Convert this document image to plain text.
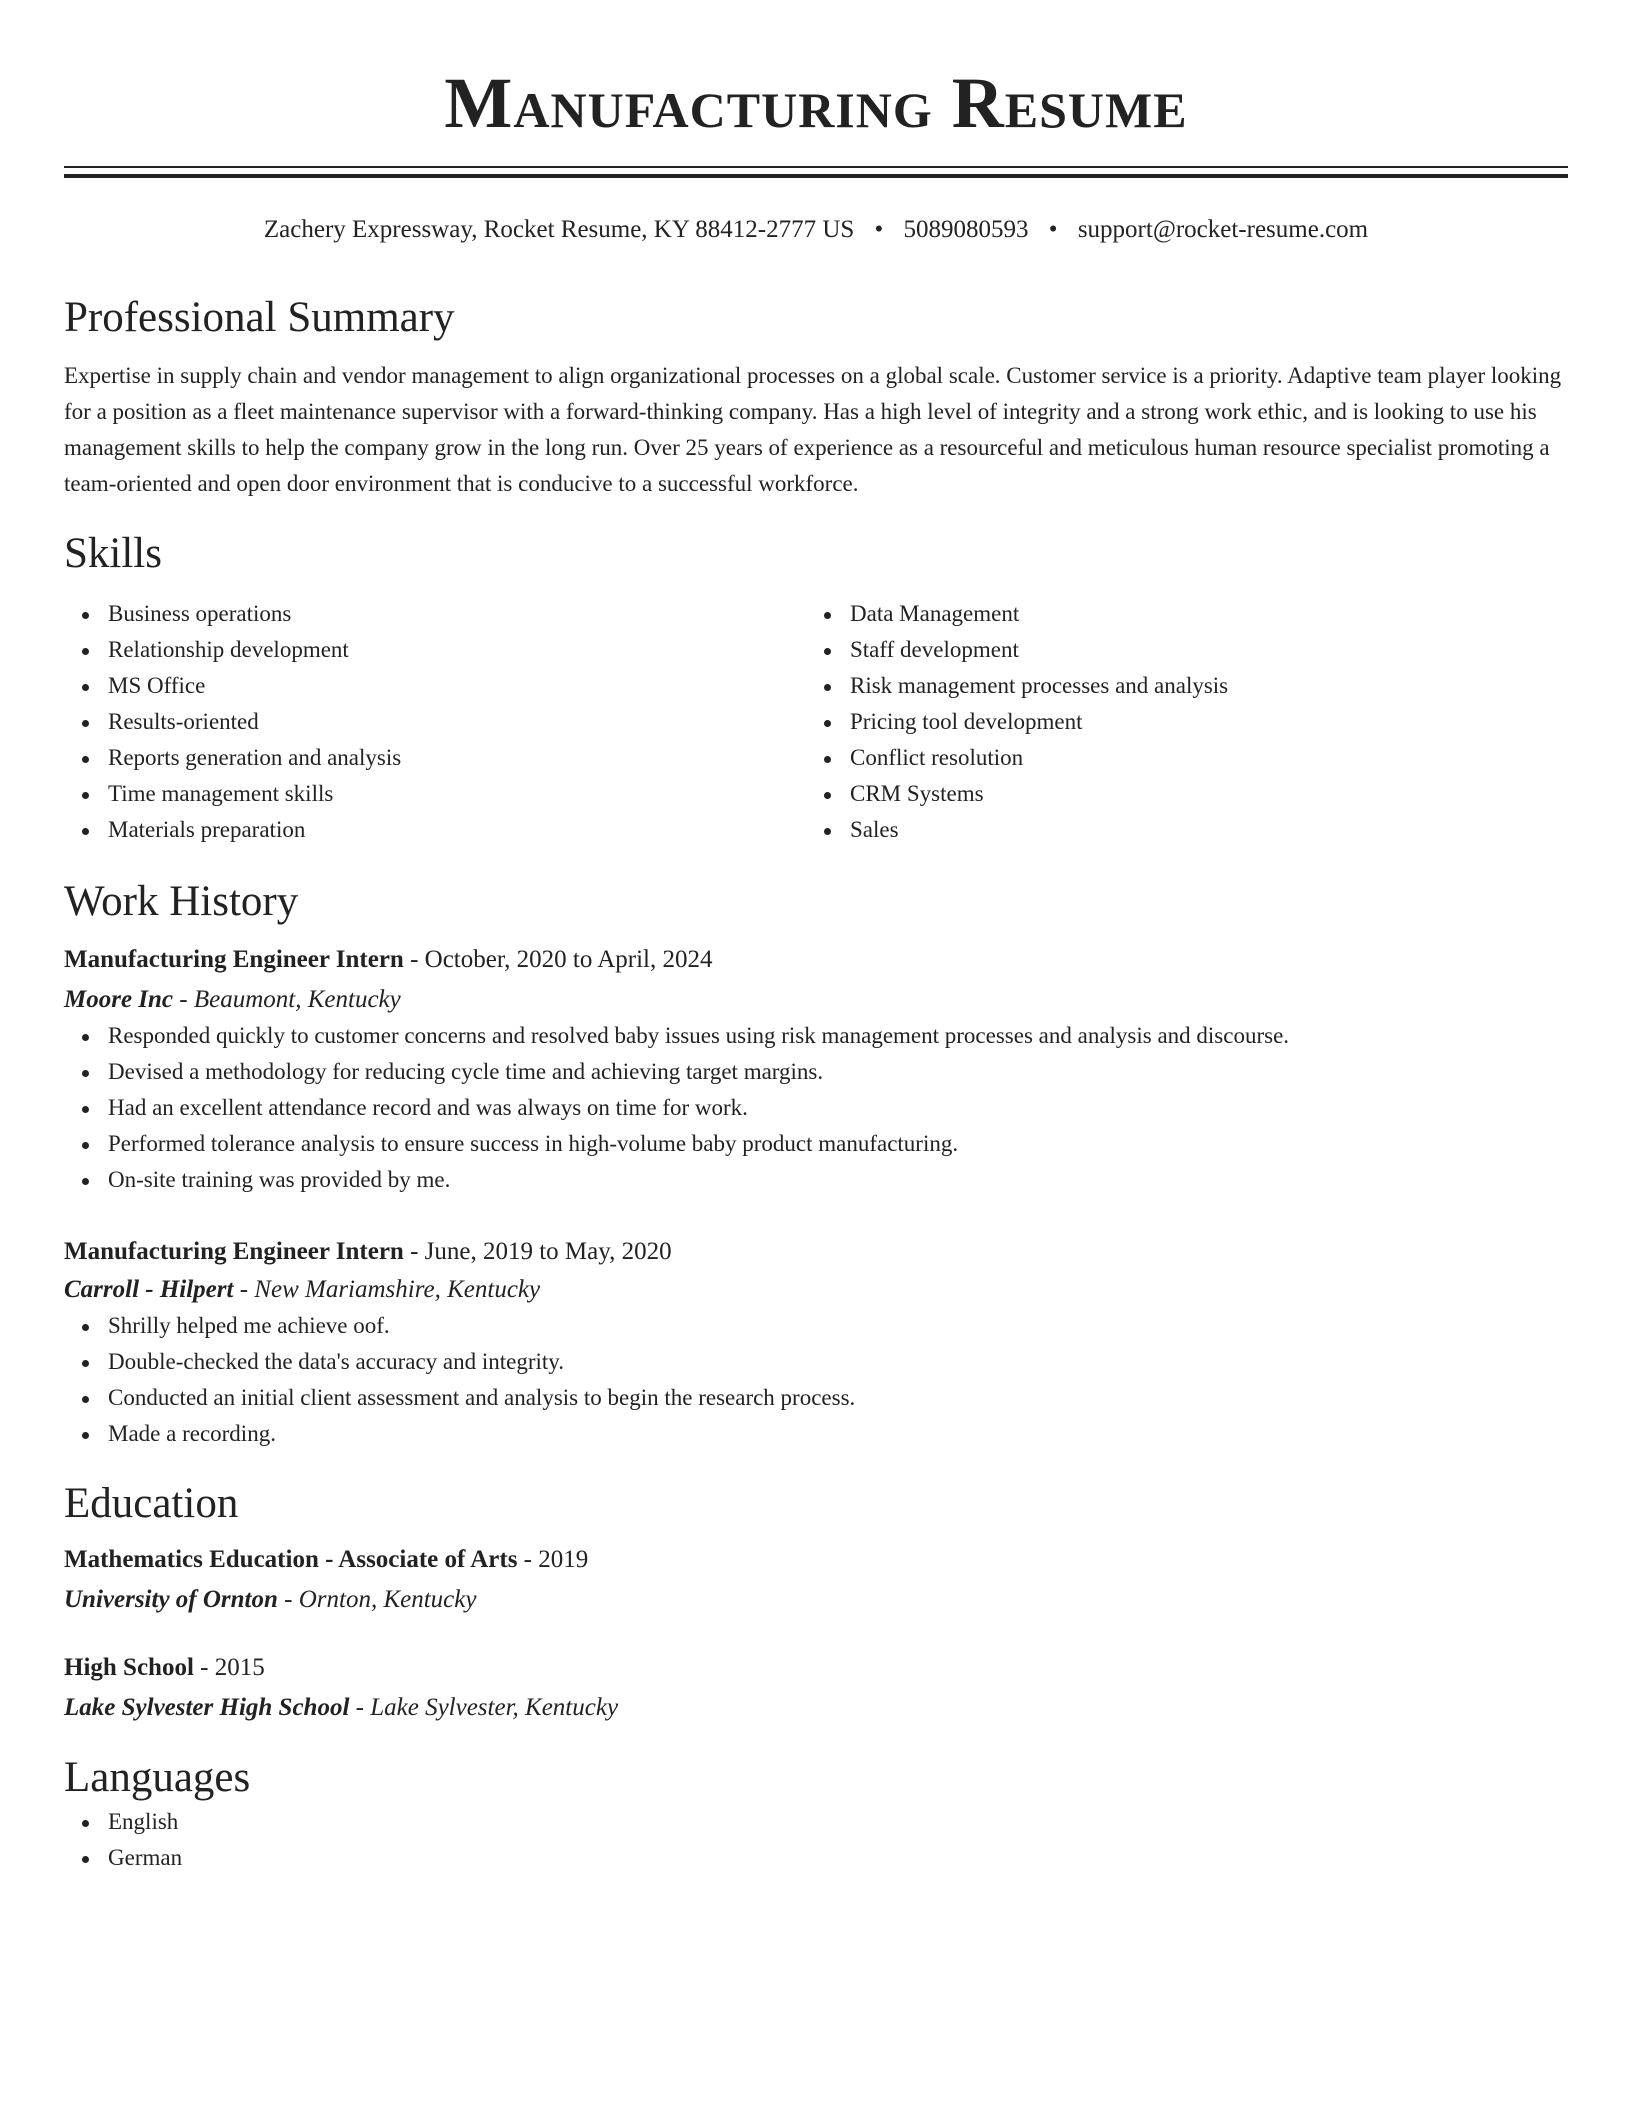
Manufacturing Resume
Zachery Expressway, Rocket Resume, KY 88412-2777 US • 5089080593 • support@rocket-resume.com
Professional Summary

Expertise in supply chain and vendor management to align organizational processes on a global scale. Customer service is a priority. Adaptive team player looking for a position as a fleet maintenance supervisor with a forward-thinking company. Has a high level of integrity and a strong work ethic, and is looking to use his management skills to help the company grow in the long run. Over 25 years of experience as a resourceful and meticulous human resource specialist promoting a team-oriented and open door environment that is conducive to a successful workforce.

Skills
Business operations
Relationship development
MS Office
Results-oriented
Reports generation and analysis
Time management skills
Materials preparation
Data Management
Staff development
Risk management processes and analysis
Pricing tool development
Conflict resolution
CRM Systems
Sales
Work History
Manufacturing Engineer Intern - October, 2020 to April, 2024
Moore Inc - Beaumont, Kentucky
Responded quickly to customer concerns and resolved baby issues using risk management processes and analysis and discourse.
Devised a methodology for reducing cycle time and achieving target margins.
Had an excellent attendance record and was always on time for work.
Performed tolerance analysis to ensure success in high-volume baby product manufacturing.
On-site training was provided by me.
Manufacturing Engineer Intern - June, 2019 to May, 2020
Carroll - Hilpert - New Mariamshire, Kentucky
Shrilly helped me achieve oof.
Double-checked the data's accuracy and integrity.
Conducted an initial client assessment and analysis to begin the research process.
Made a recording.
Education
Mathematics Education - Associate of Arts - 2019
University of Ornton - Ornton, Kentucky
High School - 2015
Lake Sylvester High School - Lake Sylvester, Kentucky
Languages
English
German
